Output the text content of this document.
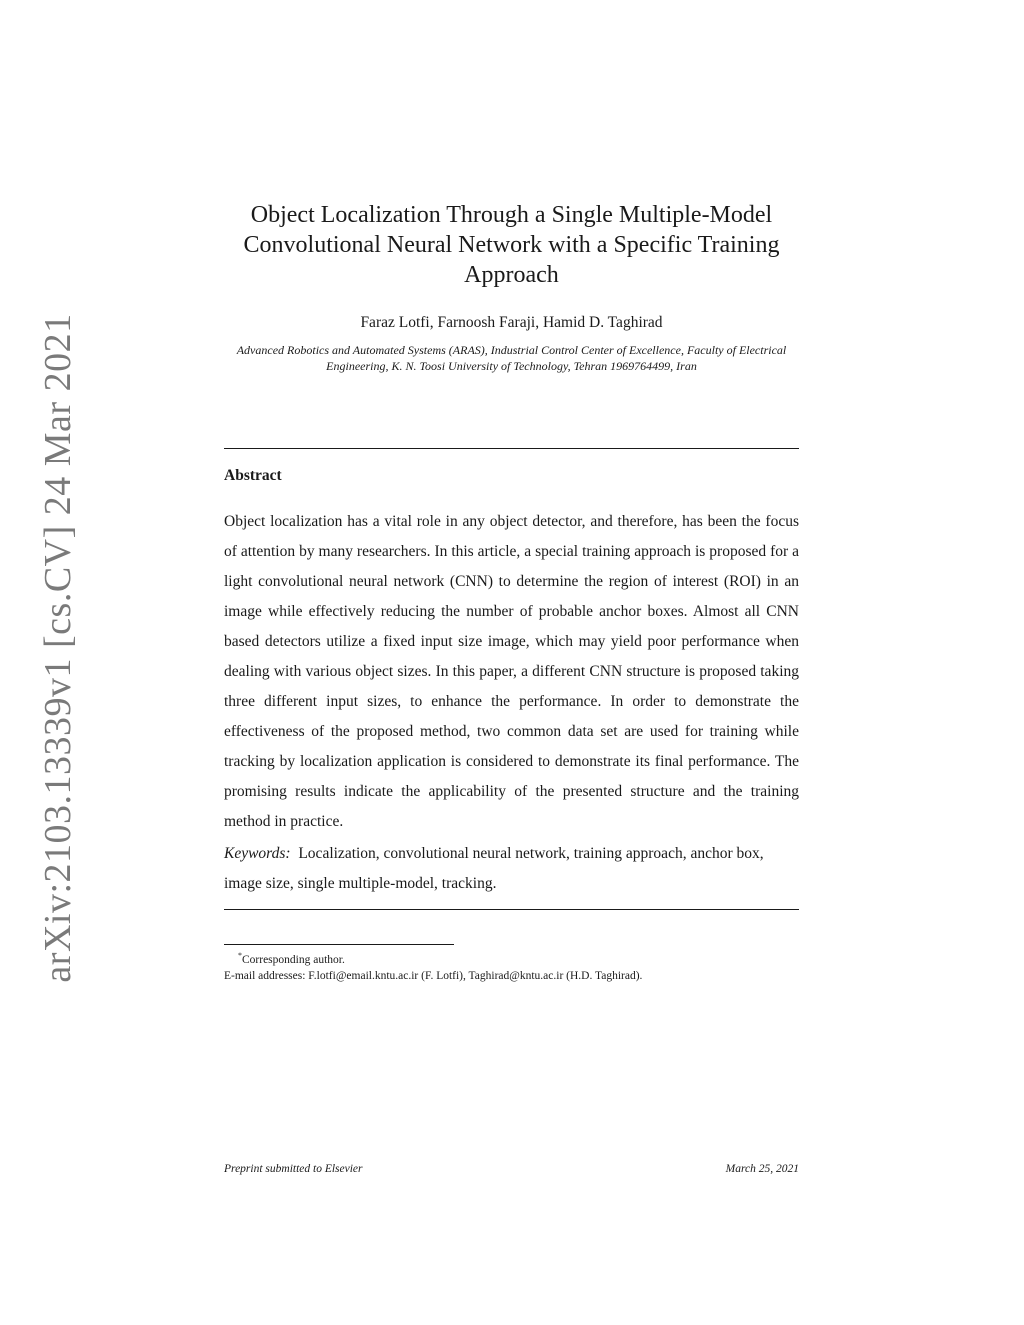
arXiv:2103.13339v1 [cs.CV] 24 Mar 2021
Object Localization Through a Single Multiple-Model Convolutional Neural Network with a Specific Training Approach
Faraz Lotfi, Farnoosh Faraji, Hamid D. Taghirad
Advanced Robotics and Automated Systems (ARAS), Industrial Control Center of Excellence, Faculty of Electrical Engineering, K. N. Toosi University of Technology, Tehran 1969764499, Iran
Abstract
Object localization has a vital role in any object detector, and therefore, has been the focus of attention by many researchers. In this article, a special training approach is proposed for a light convolutional neural network (CNN) to determine the region of interest (ROI) in an image while effectively reducing the number of probable anchor boxes. Almost all CNN based detectors utilize a fixed input size image, which may yield poor performance when dealing with various object sizes. In this paper, a different CNN structure is proposed taking three different input sizes, to enhance the performance. In order to demonstrate the effectiveness of the proposed method, two common data set are used for training while tracking by localization application is considered to demonstrate its final performance. The promising results indicate the applicability of the presented structure and the training method in practice.
Keywords: Localization, convolutional neural network, training approach, anchor box, image size, single multiple-model, tracking.
*Corresponding author.
E-mail addresses: F.lotfi@email.kntu.ac.ir (F. Lotfi), Taghirad@kntu.ac.ir (H.D. Taghirad).
Preprint submitted to Elsevier	March 25, 2021
